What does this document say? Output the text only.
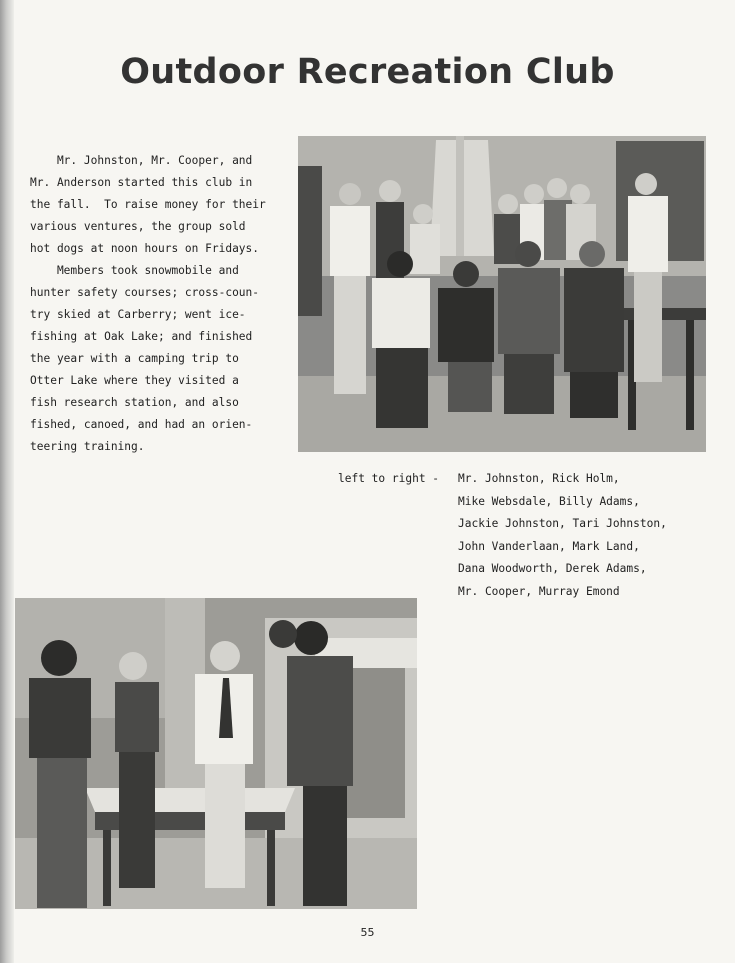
Outdoor Recreation Club

Mr. Johnston, Mr. Cooper, and

Mr. Anderson started this club in

the fall.  To raise money for their

various ventures, the group sold

hot dogs at noon hours on Fridays.

Members took snowmobile and

hunter safety courses; cross-coun-

try skied at Carberry; went ice-

fishing at Oak Lake; and finished

the year with a camping trip to

Otter Lake where they visited a

fish research station, and also

fished, canoed, and had an orien-

teering training.

left to right - Mr. Johnston, Rick Holm,
Mike Websdale, Billy Adams,
Jackie Johnston, Tari Johnston,
John Vanderlaan, Mark Land,
Dana Woodworth, Derek Adams,
Mr. Cooper, Murray Emond
55
